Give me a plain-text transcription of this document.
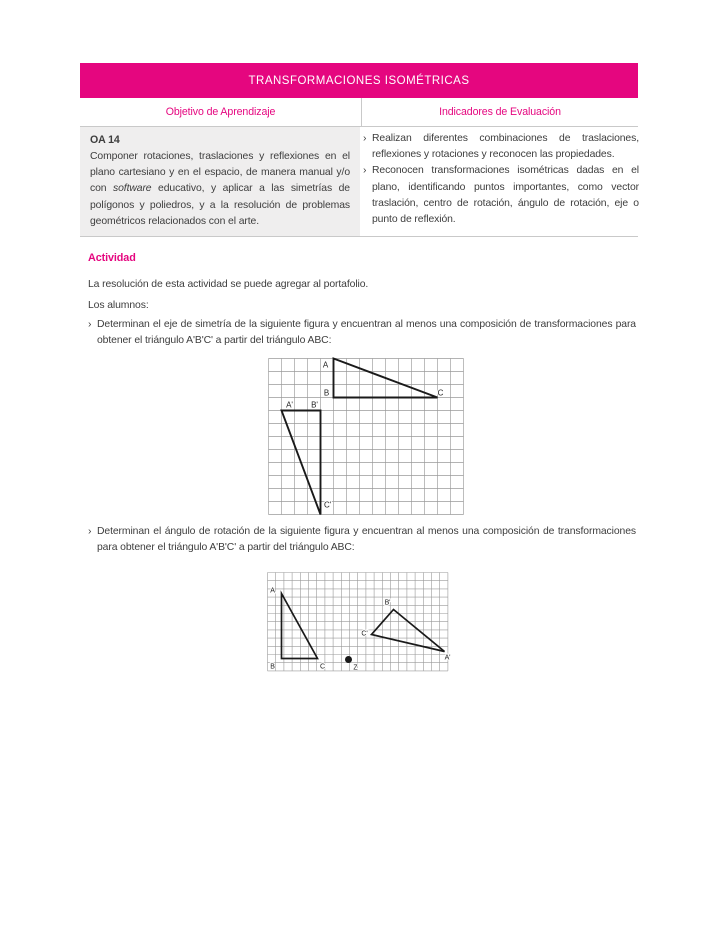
TRANSFORMACIONES ISOMÉTRICAS
Objetivo de Aprendizaje	Indicadores de Evaluación
OA 14

Componer rotaciones, traslaciones y reflexiones en el plano cartesiano y en el espacio, de manera manual y/o con software educativo, y aplicar a las simetrías de polígonos y poliedros, y a la resolución de problemas geométricos relacionados con el arte.

› Realizan diferentes combinaciones de traslaciones, reflexiones y rotaciones y reconocen las propiedades.
› Reconocen transformaciones isométricas dadas en el plano, identificando puntos importantes, como vector traslación, centro de rotación, ángulo de rotación, eje o punto de reflexión.
Actividad
La resolución de esta actividad se puede agregar al portafolio.
Los alumnos:
› Determinan el eje de simetría de la siguiente figura y encuentran al menos una composición de transformaciones para obtener el triángulo A'B'C' a partir del triángulo ABC:
A
B	C
A' B'
C'
› Determinan el ángulo de rotación de la siguiente figura y encuentran al menos una composición de transformaciones para obtener el triángulo A'B'C' a partir del triángulo ABC:
A
B	C	Z
B'
C'
A'
